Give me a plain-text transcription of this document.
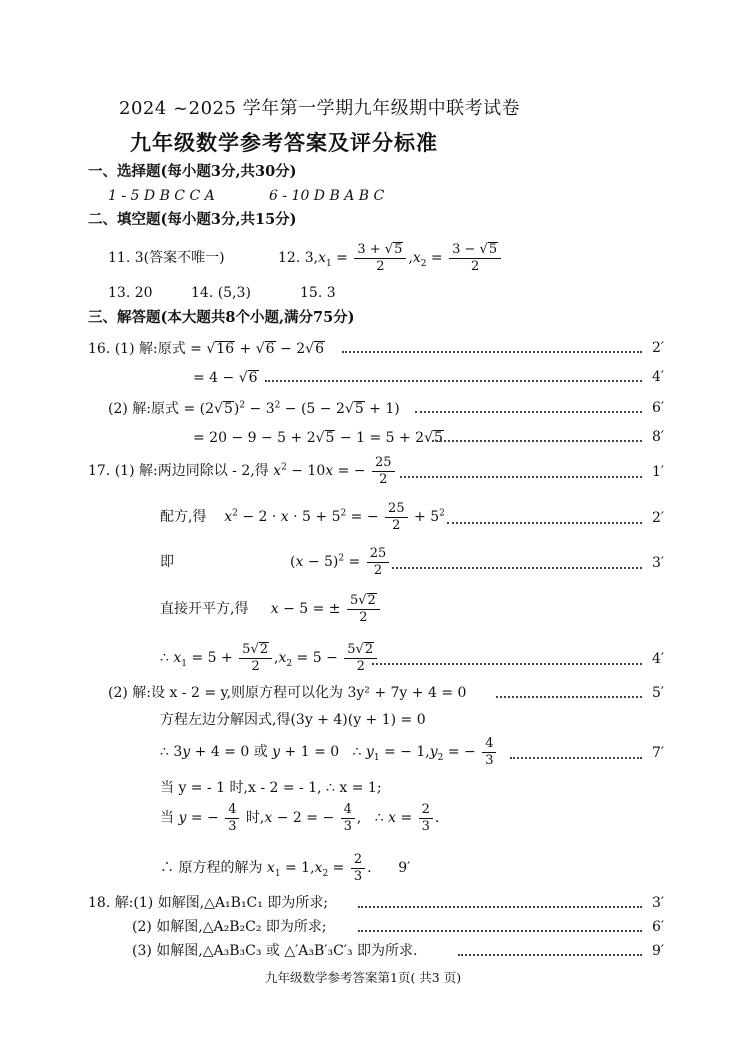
2024 ~2025 学年第一学期九年级期中联考试卷
九年级数学参考答案及评分标准
一、选择题(每小题3分,共30分)
1 - 5 D B C C A	6 - 10 D B A B C
二、填空题(每小题3分,共15分)
11. 3(答案不唯一)	12. $3,x_1 = \frac{3 + √5}{2} ,x_2 = \frac{3 - √5}{2}$
13. 20	14. (5,3)	15. 3
三、解答题(本大题共8个小题,满分75分)
16. (1) 解:原式 = √16 + √6 − 2√6	2′
= 4 − √6	4′
(2) 解:原式 = $(2√5)^2 - 3^2 - (5 - 2√5 + 1)$	6′
= 20 − 9 − 5 + 2√5 − 1 = 5 + 2√5	8′
17. (1) 解:两边同除以 - 2,得 $x^2 - 10x$ = − $\frac{25}{2}$	1′
配方,得 $x^2 - 2 \cdot x \cdot 5 + 5^2$ = − $\frac{25}{2} + 5^2$	2′
即	$(x - 5)^2 = \frac{25}{2}$	3′
直接开平方,得 x − 5 = ± $\frac{5√2}{2}$
∴ $x_1 = 5 + \frac{5√2}{2} ,x_2 = 5 - \frac{5√2}{2}$	4′
(2) 解:设 x - 2 = y,则原方程可以化为 3y² + 7y + 4 = 0	5′
方程左边分解因式,得(3y + 4)(y + 1) = 0
∴ 3y + 4 = 0 或 y + 1 = 0   ∴ $y_1$ = − $1,y_2$ = − $\frac{4}{3}$	7′
当 y = - 1 时,x - 2 = - 1, ∴ x = 1;
当 y = − $\frac{4}{3}$ 时,x − 2 = − $\frac{4}{3}$ ,   ∴ $x = \frac{2}{3}$ .
∴ 原方程的解为 $x_1 = 1,x_2 = \frac{2}{3}$ .      9′
18. 解:(1) 如解图,△A₁B₁C₁ 即为所求;	3′
(2) 如解图,△A₂B₂C₂ 即为所求;	6′
(3) 如解图,△A₃B₃C₃ 或 △′A₃B′₃C′₃ 即为所求.	9′
九年级数学参考答案第1页( 共3 页)
